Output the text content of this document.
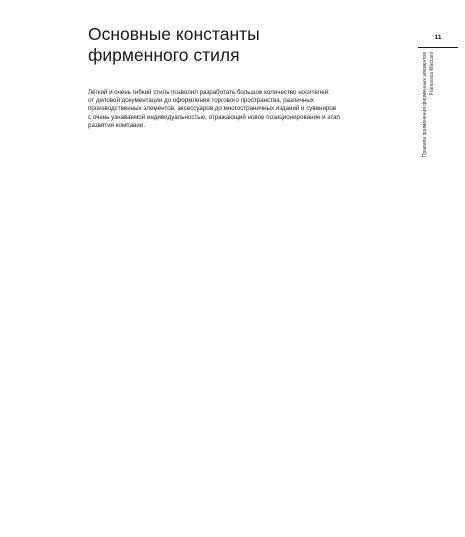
Основные константы
фирменного стиля
Лёгкий и очень гибкий стиль позволил разработать большое количество носителей:
от деловой документации до оформления торгового пространства, различных
производственных элементов, аксессуаров до многостраничных изданий и сувениров
с очень узнаваемой индивидуальностью, отражающий новое позиционирование и этап
развития компании.
11
Правила применения фирменных элементов Francesca Maccani
